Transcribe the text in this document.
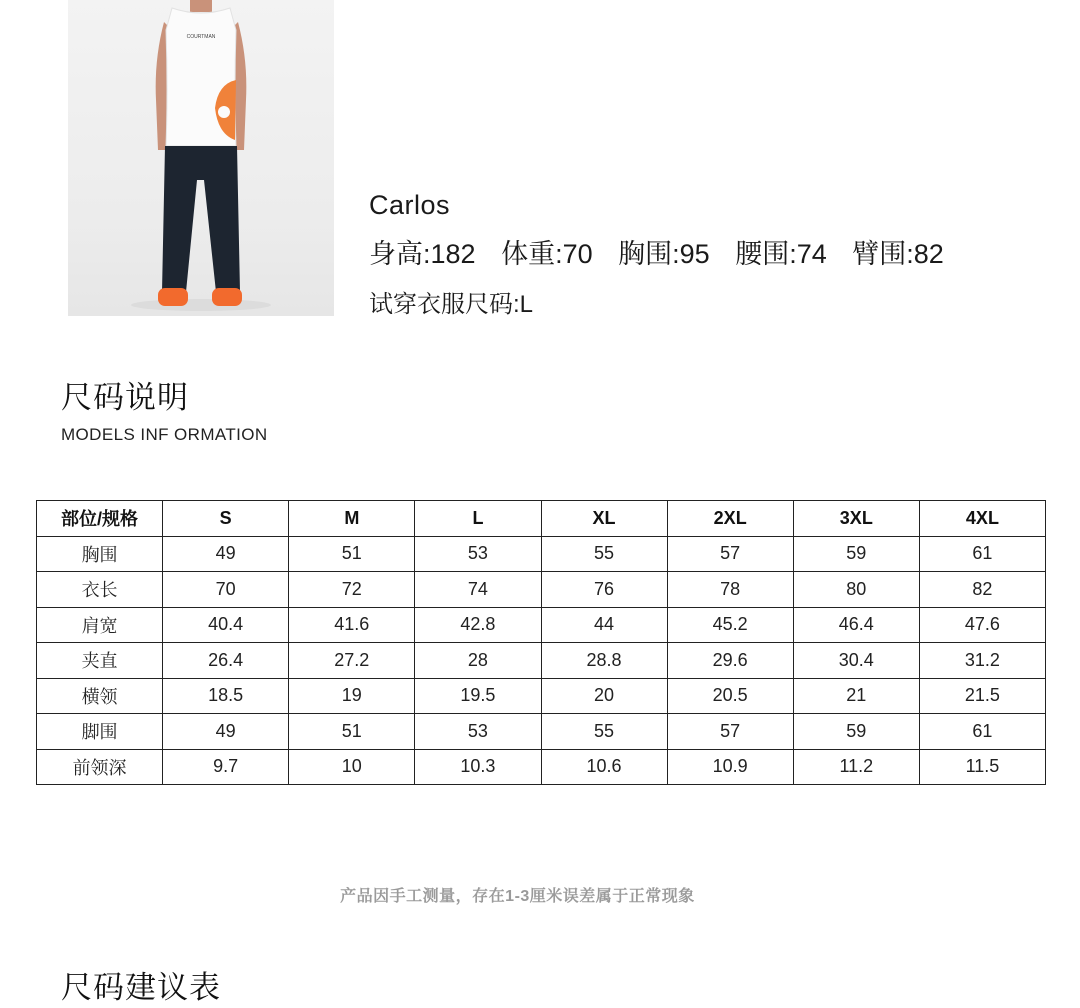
COURTMAN
Carlos
身高:182 体重:70 胸围:95 腰围:74 臂围:82
试穿衣服尺码:L
尺码说明
MODELS INF ORMATION
部位/规格	S	M	L	XL	2XL	3XL	4XL
胸围	49	51	53	55	57	59	61
衣长	70	72	74	76	78	80	82
肩宽	40.4	41.6	42.8	44	45.2	46.4	47.6
夹直	26.4	27.2	28	28.8	29.6	30.4	31.2
横领	18.5	19	19.5	20	20.5	21	21.5
脚围	49	51	53	55	57	59	61
前领深	9.7	10	10.3	10.6	10.9	11.2	11.5
产品因手工测量，存在1-3厘米误差属于正常现象
尺码建议表
